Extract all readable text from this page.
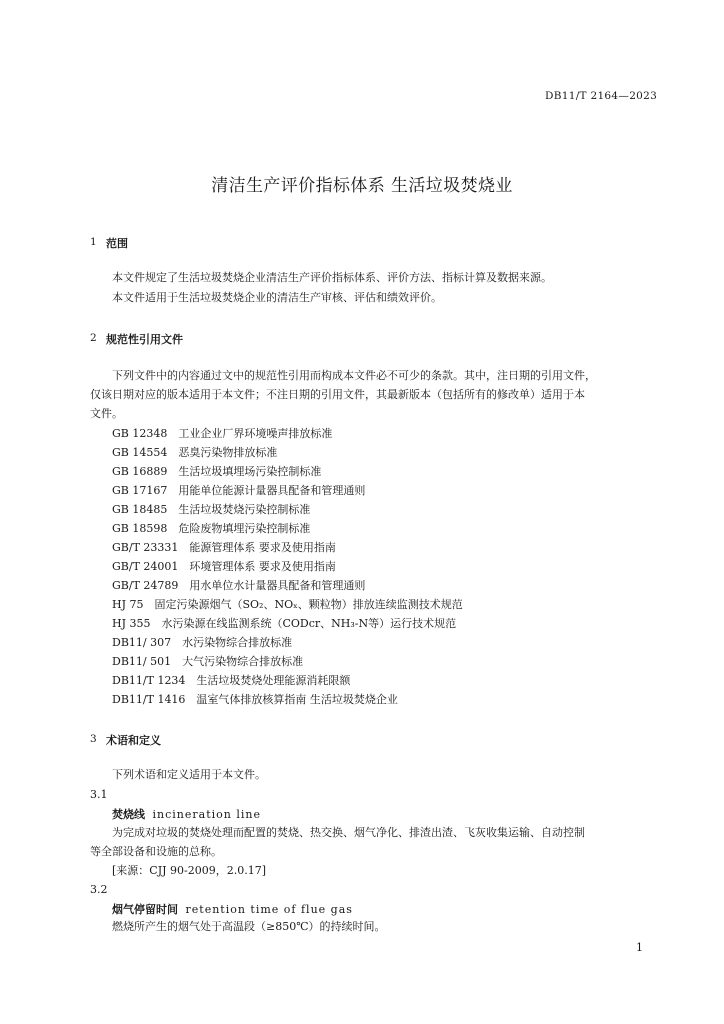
DB11/T 2164—2023
清洁生产评价指标体系 生活垃圾焚烧业
1 范围
本文件规定了生活垃圾焚烧企业清洁生产评价指标体系、评价方法、指标计算及数据来源。
本文件适用于生活垃圾焚烧企业的清洁生产审核、评估和绩效评价。
2 规范性引用文件
下列文件中的内容通过文中的规范性引用而构成本文件必不可少的条款。其中，注日期的引用文件，
仅该日期对应的版本适用于本文件；不注日期的引用文件，其最新版本（包括所有的修改单）适用于本
文件。
GB 12348　工业企业厂界环境噪声排放标准
GB 14554　恶臭污染物排放标准
GB 16889　生活垃圾填埋场污染控制标准
GB 17167　用能单位能源计量器具配备和管理通则
GB 18485　生活垃圾焚烧污染控制标准
GB 18598　危险废物填埋污染控制标准
GB/T 23331　能源管理体系 要求及使用指南
GB/T 24001　环境管理体系 要求及使用指南
GB/T 24789　用水单位水计量器具配备和管理通则
HJ 75　固定污染源烟气（SO₂、NOₓ、颗粒物）排放连续监测技术规范
HJ 355　水污染源在线监测系统（CODcr、NH₃-N等）运行技术规范
DB11/ 307　水污染物综合排放标准
DB11/ 501　大气污染物综合排放标准
DB11/T 1234　生活垃圾焚烧处理能源消耗限额
DB11/T 1416　温室气体排放核算指南 生活垃圾焚烧企业
3 术语和定义
下列术语和定义适用于本文件。
3.1
焚烧线 incineration line
为完成对垃圾的焚烧处理而配置的焚烧、热交换、烟气净化、排渣出渣、飞灰收集运输、自动控制
等全部设备和设施的总称。
[来源：CJJ 90-2009，2.0.17]
3.2
烟气停留时间 retention time of flue gas
燃烧所产生的烟气处于高温段（≥850℃）的持续时间。
1
